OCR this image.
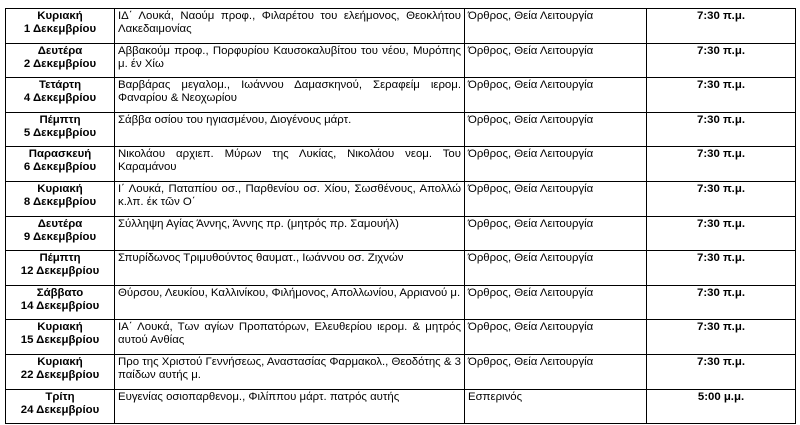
Κυριακή
1 Δεκεμβρίου	ΙΔ΄ Λουκά, Ναούμ προφ., Φιλαρέτου του ελεήμονος, Θεοκλήτου Λακεδαιμονίας	Όρθρος, Θεία Λειτουργία	7:30 π.μ.

Δευτέρα
2 Δεκεμβρίου	Αββακούμ προφ., Πορφυρίου Καυσοκαλυβίτου του νέου, Μυρόπης μ. έν Χίω	Όρθρος, Θεία Λειτουργία	7:30 π.μ.

Τετάρτη
4 Δεκεμβρίου	Βαρβάρας μεγαλομ., Ιωάννου Δαμασκηνού, Σεραφείμ ιερομ. Φαναρίου & Νεοχωρίου	Όρθρος, Θεία Λειτουργία	7:30 π.μ.

Πέμπτη
5 Δεκεμβρίου	Σάββα οσίου του ηγιασμένου, Διογένους μάρτ.	Όρθρος, Θεία Λειτουργία	7:30 π.μ.

Παρασκευή
6 Δεκεμβρίου	Νικολάου αρχιεπ. Μύρων της Λυκίας, Νικολάου νεομ. Του Καραμάνου	Όρθρος, Θεία Λειτουργία	7:30 π.μ.

Κυριακή
8 Δεκεμβρίου	Ι΄ Λουκά, Παταπίου οσ., Παρθενίου οσ. Χίου, Σωσθένους, Απολλώ κ.λπ. έκ τῶν Ο΄	Όρθρος, Θεία Λειτουργία	7:30 π.μ.

Δευτέρα
9 Δεκεμβρίου	Σύλληψη Αγίας Άννης, Άννης πρ. (μητρός πρ. Σαμουήλ)	Όρθρος, Θεία Λειτουργία	7:30 π.μ.

Πέμπτη
12 Δεκεμβρίου	Σπυρίδωνος Τριμυθούντος θαυματ., Ιωάννου οσ. Ζιχνών	Όρθρος, Θεία Λειτουργία	7:30 π.μ.

Σάββατο
14 Δεκεμβρίου	Θύρσου, Λευκίου, Καλλινίκου, Φιλήμονος, Απολλωνίου, Αρριανού μ.	Όρθρος, Θεία Λειτουργία	7:30 π.μ.

Κυριακή
15 Δεκεμβρίου	ΙΑ΄ Λουκά, Των αγίων Προπατόρων, Ελευθερίου ιερομ. & μητρός αυτού Ανθίας	Όρθρος, Θεία Λειτουργία	7:30 π.μ.

Κυριακή
22 Δεκεμβρίου	Προ της Χριστού Γεννήσεως, Αναστασίας Φαρμακολ., Θεοδότης & 3 παίδων αυτής μ.	Όρθρος, Θεία Λειτουργία	7:30 π.μ.

Τρίτη
24 Δεκεμβρίου	Ευγενίας οσιοπαρθενομ., Φιλίππου μάρτ. πατρός αυτής	Εσπερινός	5:00 μ.μ.
